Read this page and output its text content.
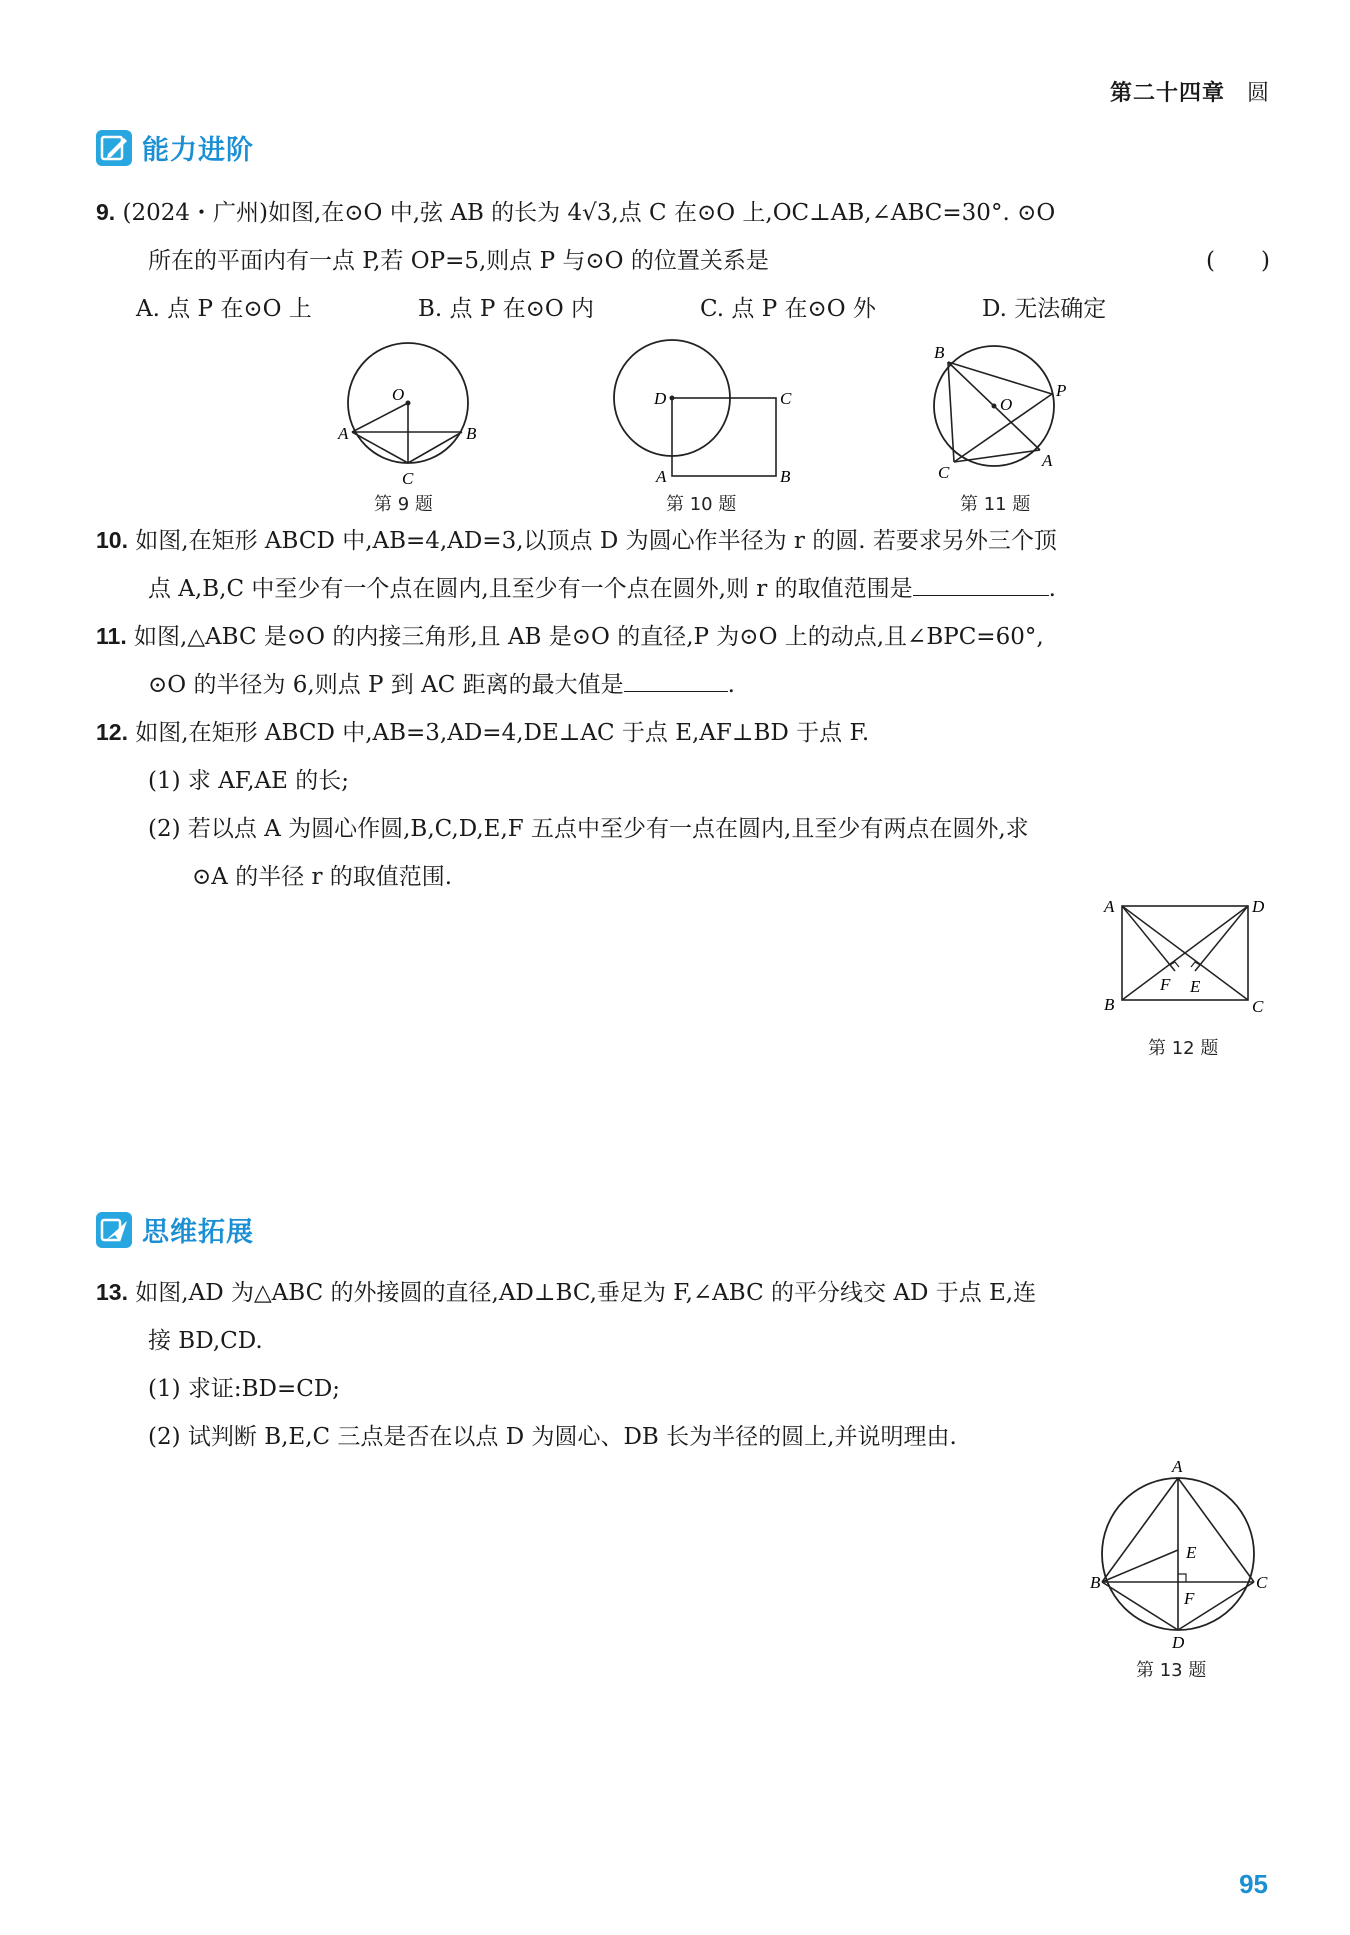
第二十四章 圆
能力进阶
9. (2024・广州)如图,在⊙O 中,弦 AB 的长为 4√3,点 C 在⊙O 上,OC⊥AB,∠ABC=30°. ⊙O
所在的平面内有一点 P,若 OP=5,则点 P 与⊙O 的位置关系是	(　　)
A. 点 P 在⊙O 上	B. 点 P 在⊙O 内	C. 点 P 在⊙O 外	D. 无法确定
O
A	B
C
第 9 题
D	C
A	B
第 10 题
B
O
P
C
A
第 11 题
10. 如图,在矩形 ABCD 中,AB=4,AD=3,以顶点 D 为圆心作半径为 r 的圆. 若要求另外三个顶
点 A,B,C 中至少有一个点在圆内,且至少有一个点在圆外,则 r 的取值范围是	.
11. 如图,△ABC 是⊙O 的内接三角形,且 AB 是⊙O 的直径,P 为⊙O 上的动点,且∠BPC=60°,
⊙O 的半径为 6,则点 P 到 AC 距离的最大值是	.
12. 如图,在矩形 ABCD 中,AB=3,AD=4,DE⊥AC 于点 E,AF⊥BD 于点 F.
(1) 求 AF,AE 的长;
(2) 若以点 A 为圆心作圆,B,C,D,E,F 五点中至少有一点在圆内,且至少有两点在圆外,求
⊙A 的半径 r 的取值范围.
A	D
B	C
F E
第 12 题
思维拓展
13. 如图,AD 为△ABC 的外接圆的直径,AD⊥BC,垂足为 F,∠ABC 的平分线交 AD 于点 E,连
接 BD,CD.
(1) 求证:BD=CD;
(2) 试判断 B,E,C 三点是否在以点 D 为圆心、DB 长为半径的圆上,并说明理由.
A
E
B	C
F
D
第 13 题
95
